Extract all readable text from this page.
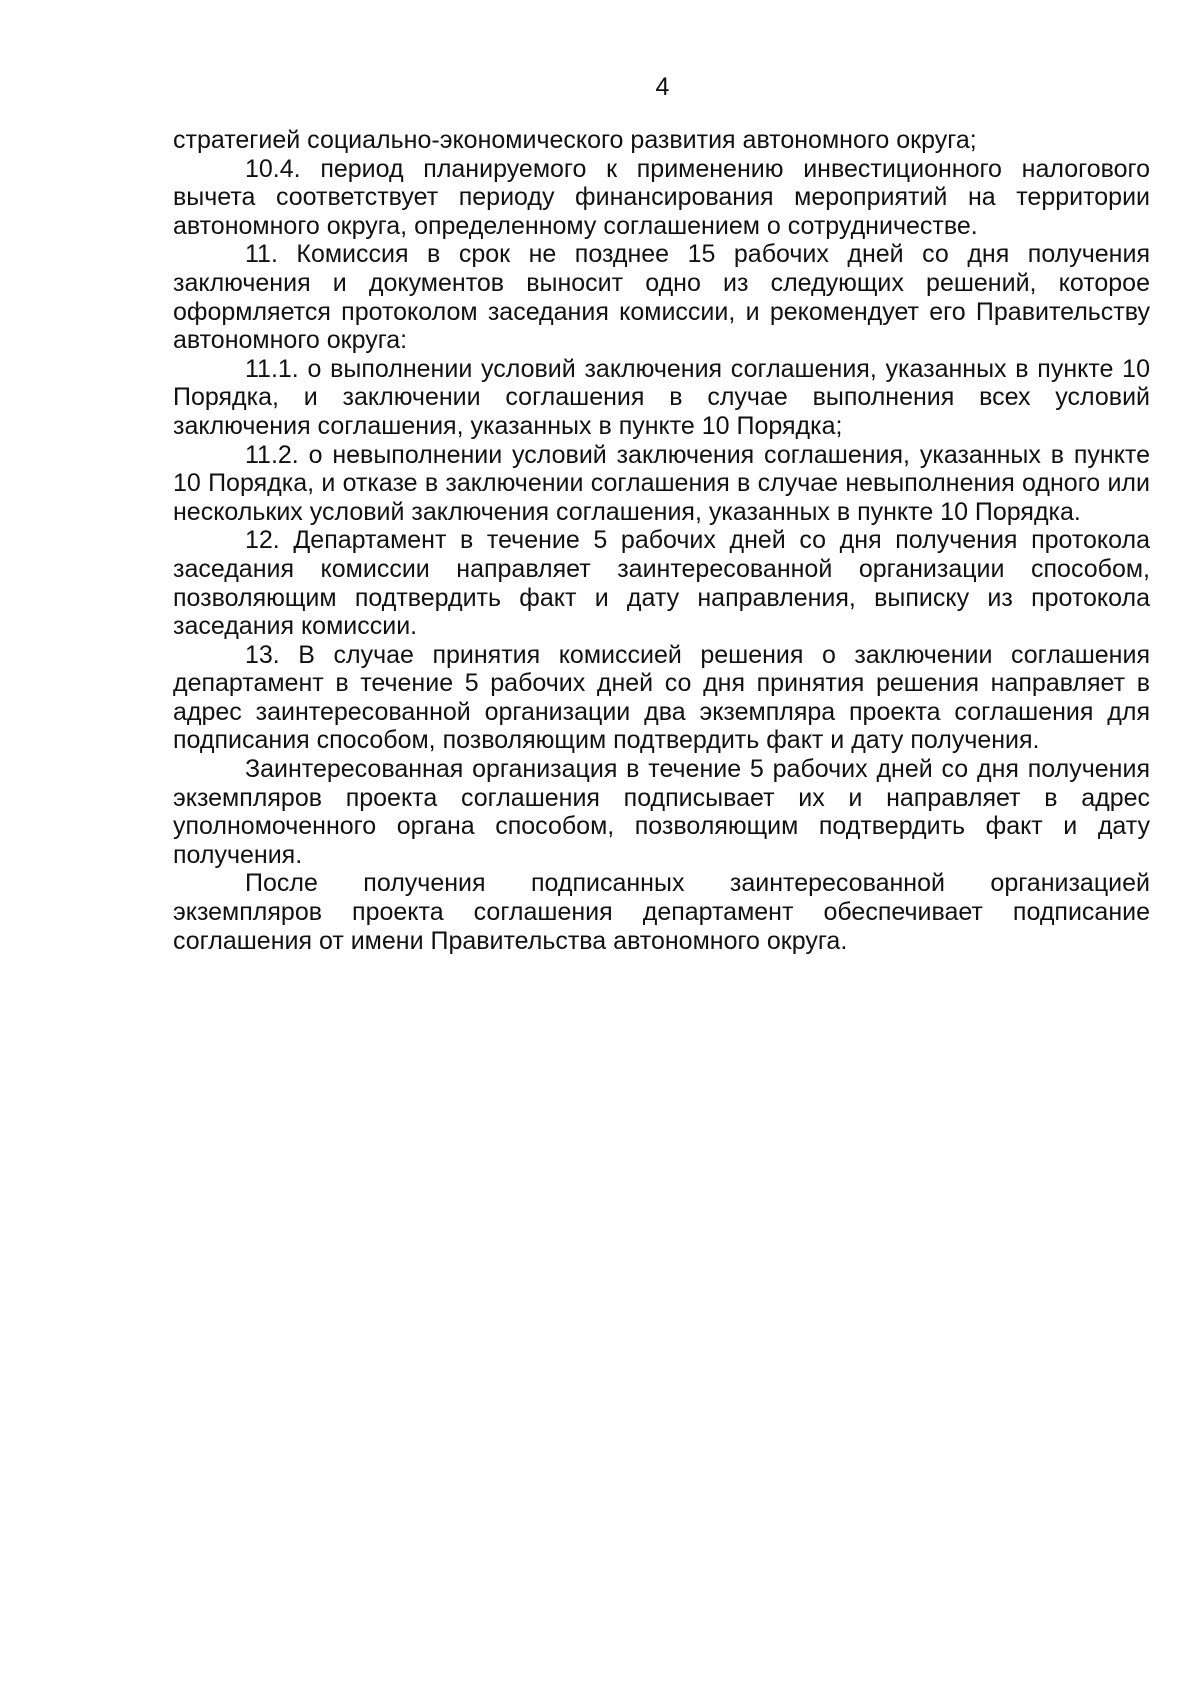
4

стратегией социально-экономического развития автономного округа;

10.4. период планируемого к применению инвестиционного налогового вычета соответствует периоду финансирования мероприятий на территории автономного округа, определенному соглашением о сотрудничестве.

11. Комиссия в срок не позднее 15 рабочих дней со дня получения заключения и документов выносит одно из следующих решений, которое оформляется протоколом заседания комиссии, и рекомендует его Правительству автономного округа:

11.1. о выполнении условий заключения соглашения, указанных в пункте 10 Порядка, и заключении соглашения в случае выполнения всех условий заключения соглашения, указанных в пункте 10 Порядка;

11.2. о невыполнении условий заключения соглашения, указанных в пункте 10 Порядка, и отказе в заключении соглашения в случае невыполнения одного или нескольких условий заключения соглашения, указанных в пункте 10 Порядка.

12. Департамент в течение 5 рабочих дней со дня получения протокола заседания комиссии направляет заинтересованной организации способом, позволяющим подтвердить факт и дату направления, выписку из протокола заседания комиссии.

13. В случае принятия комиссией решения о заключении соглашения департамент в течение 5 рабочих дней со дня принятия решения направляет в адрес заинтересованной организации два экземпляра проекта соглашения для подписания способом, позволяющим подтвердить факт и дату получения.

Заинтересованная организация в течение 5 рабочих дней со дня получения экземпляров проекта соглашения подписывает их и направляет в адрес уполномоченного органа способом, позволяющим подтвердить факт и дату получения.

После получения подписанных заинтересованной организацией экземпляров проекта соглашения департамент обеспечивает подписание соглашения от имени Правительства автономного округа.
